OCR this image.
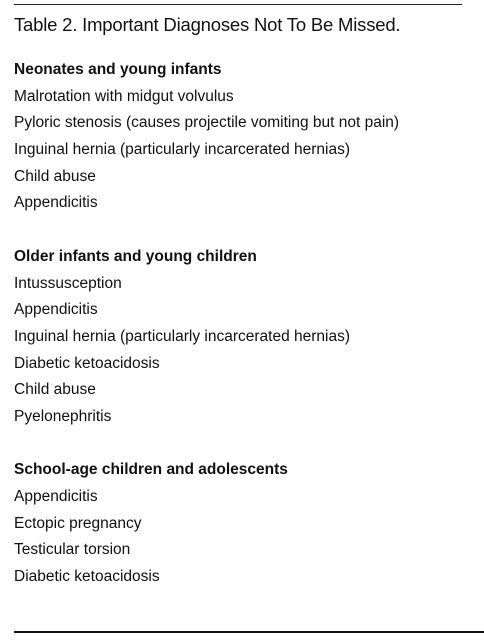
Table 2. Important Diagnoses Not To Be Missed.
Neonates and young infants
Malrotation with midgut volvulus
Pyloric stenosis (causes projectile vomiting but not pain)
Inguinal hernia (particularly incarcerated hernias)
Child abuse
Appendicitis
Older infants and young children
Intussusception
Appendicitis
Inguinal hernia (particularly incarcerated hernias)
Diabetic ketoacidosis
Child abuse
Pyelonephritis
School-age children and adolescents
Appendicitis
Ectopic pregnancy
Testicular torsion
Diabetic ketoacidosis
